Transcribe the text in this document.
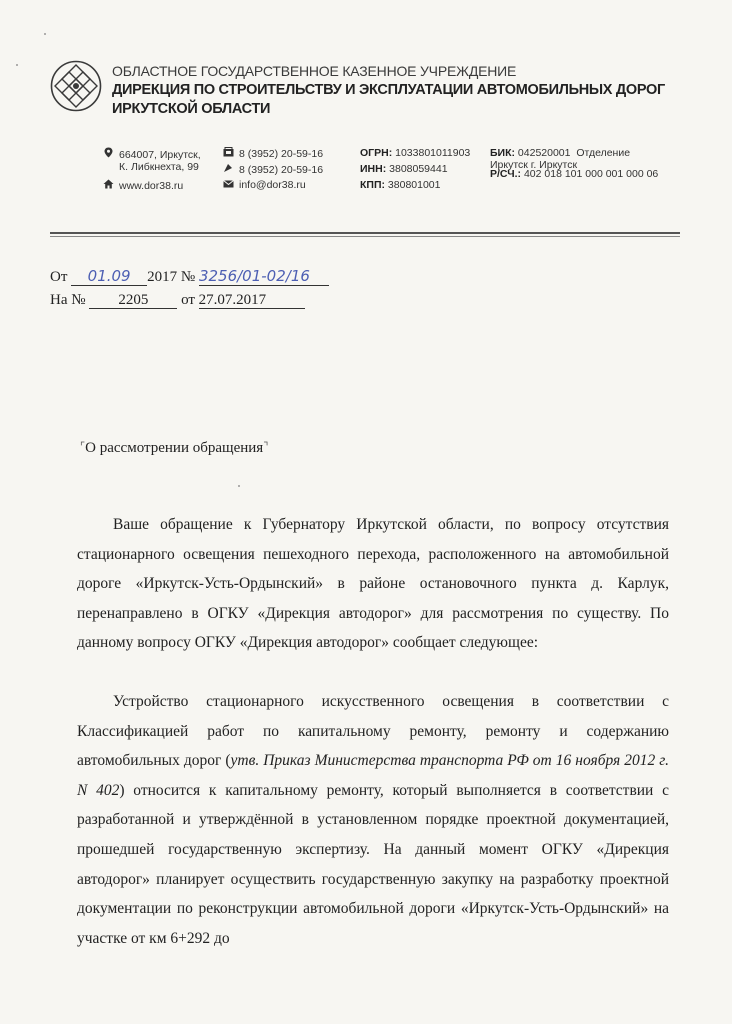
ОБЛАСТНОЕ ГОСУДАРСТВЕННОЕ КАЗЕННОЕ УЧРЕЖДЕНИЕ
ДИРЕКЦИЯ ПО СТРОИТЕЛЬСТВУ И ЭКСПЛУАТАЦИИ АВТОМОБИЛЬНЫХ ДОРОГ
ИРКУТСКОЙ ОБЛАСТИ
664007, Иркутск,
К. Либкнехта, 99
www.dor38.ru
8 (3952) 20-59-16
8 (3952) 20-59-16
info@dor38.ru
ОГРН: 1033801011903
ИНН: 3808059441
КПП: 380801001
БИК: 042520001 Отделение
Иркутск г. Иркутск
Р/СЧ.: 402 018 101 000 001 000 06
От 01.09 2017 № 3256/01-02/16
На № 2205 от 27.07.2017
⌜О рассмотрении обращения⌝
Ваше обращение к Губернатору Иркутской области, по вопросу отсутствия стационарного освещения пешеходного перехода, расположенного на автомобильной дороге «Иркутск-Усть-Ордынский» в районе остановочного пункта д. Карлук, перенаправлено в ОГКУ «Дирекция автодорог» для рассмотрения по существу. По данному вопросу ОГКУ «Дирекция автодорог» сообщает следующее:
Устройство стационарного искусственного освещения в соответствии с Классификацией работ по капитальному ремонту, ремонту и содержанию автомобильных дорог (утв. Приказ Министерства транспорта РФ от 16 ноября 2012 г. N 402) относится к капитальному ремонту, который выполняется в соответствии с разработанной и утверждённой в установленном порядке проектной документацией, прошедшей государственную экспертизу. На данный момент ОГКУ «Дирекция автодорог» планирует осуществить государственную закупку на разработку проектной документации по реконструкции автомобильной дороги «Иркутск-Усть-Ордынский» на участке от км 6+292 до
